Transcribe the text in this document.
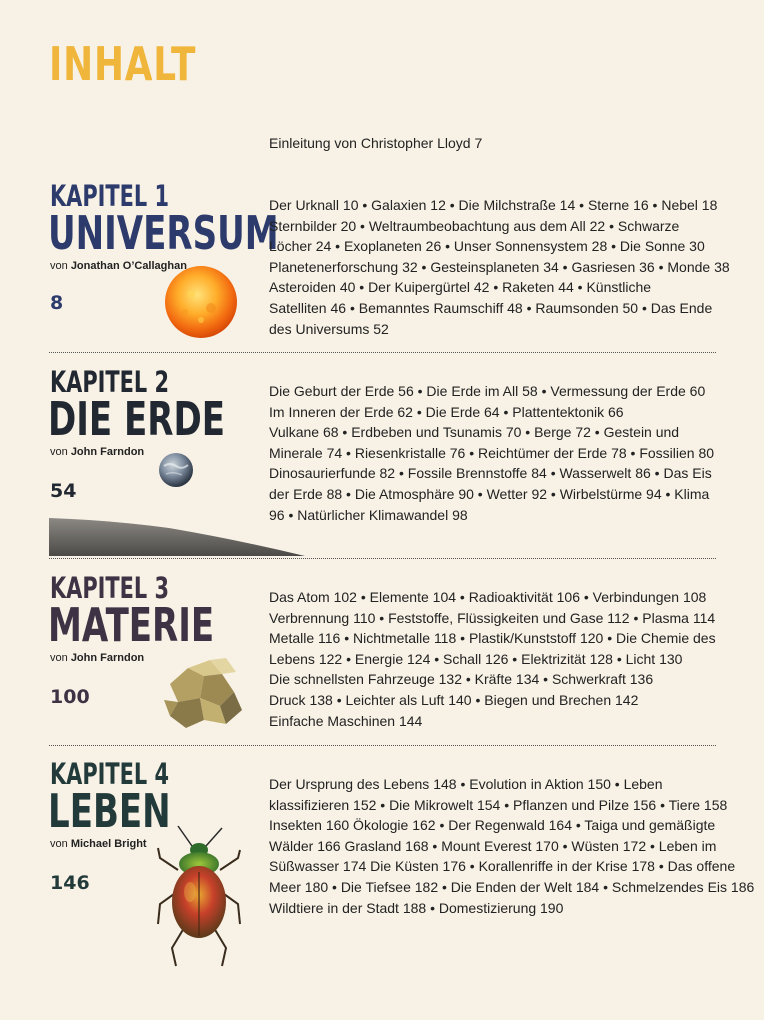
INHALT
Einleitung von Christopher Lloyd 7
KAPITEL 1
UNIVERSUM
von Jonathan O’Callaghan
8
Der Urknall 10 • Galaxien 12 • Die Milchstraße 14 • Sterne 16 • Nebel 18
Sternbilder 20 • Weltraumbeobachtung aus dem All 22 • Schwarze
Löcher 24 • Exoplaneten 26 • Unser Sonnensystem 28 • Die Sonne 30
Planetenerforschung 32 • Gesteinsplaneten 34 • Gasriesen 36 • Monde 38
Asteroiden 40 • Der Kuipergürtel 42 • Raketen 44 • Künstliche
Satelliten 46 • Bemanntes Raumschiff 48 • Raumsonden 50 • Das Ende
des Universums 52
KAPITEL 2
DIE ERDE
von John Farndon
54
Die Geburt der Erde 56 • Die Erde im All 58 • Vermessung der Erde 60
Im Inneren der Erde 62 • Die Erde 64 • Plattentektonik 66
Vulkane 68 • Erdbeben und Tsunamis 70 • Berge 72 • Gestein und
Minerale 74 • Riesenkristalle 76 • Reichtümer der Erde 78 • Fossilien 80
Dinosaurierfunde 82 • Fossile Brennstoffe 84 • Wasserwelt 86 • Das Eis
der Erde 88 • Die Atmosphäre 90 • Wetter 92 • Wirbelstürme 94 • Klima
96 • Natürlicher Klimawandel 98
KAPITEL 3
MATERIE
von John Farndon
100
Das Atom 102 • Elemente 104 • Radioaktivität 106 • Verbindungen 108
Verbrennung 110 • Feststoffe, Flüssigkeiten und Gase 112 • Plasma 114
Metalle 116 • Nichtmetalle 118 • Plastik/Kunststoff 120 • Die Chemie des
Lebens 122 • Energie 124 • Schall 126 • Elektrizität 128 • Licht 130
Die schnellsten Fahrzeuge 132 • Kräfte 134 • Schwerkraft 136
Druck 138 • Leichter als Luft 140 • Biegen und Brechen 142
Einfache Maschinen 144
KAPITEL 4
LEBEN
von Michael Bright
146
Der Ursprung des Lebens 148 • Evolution in Aktion 150 • Leben
klassifizieren 152 • Die Mikrowelt 154 • Pflanzen und Pilze 156 • Tiere 158
Insekten 160 Ökologie 162 • Der Regenwald 164 • Taiga und gemäßigte
Wälder 166 Grasland 168 • Mount Everest 170 • Wüsten 172 • Leben im
Süßwasser 174 Die Küsten 176 • Korallenriffe in der Krise 178 • Das offene
Meer 180 • Die Tiefsee 182 • Die Enden der Welt 184 • Schmelzendes Eis 186
Wildtiere in der Stadt 188 • Domestizierung 190
